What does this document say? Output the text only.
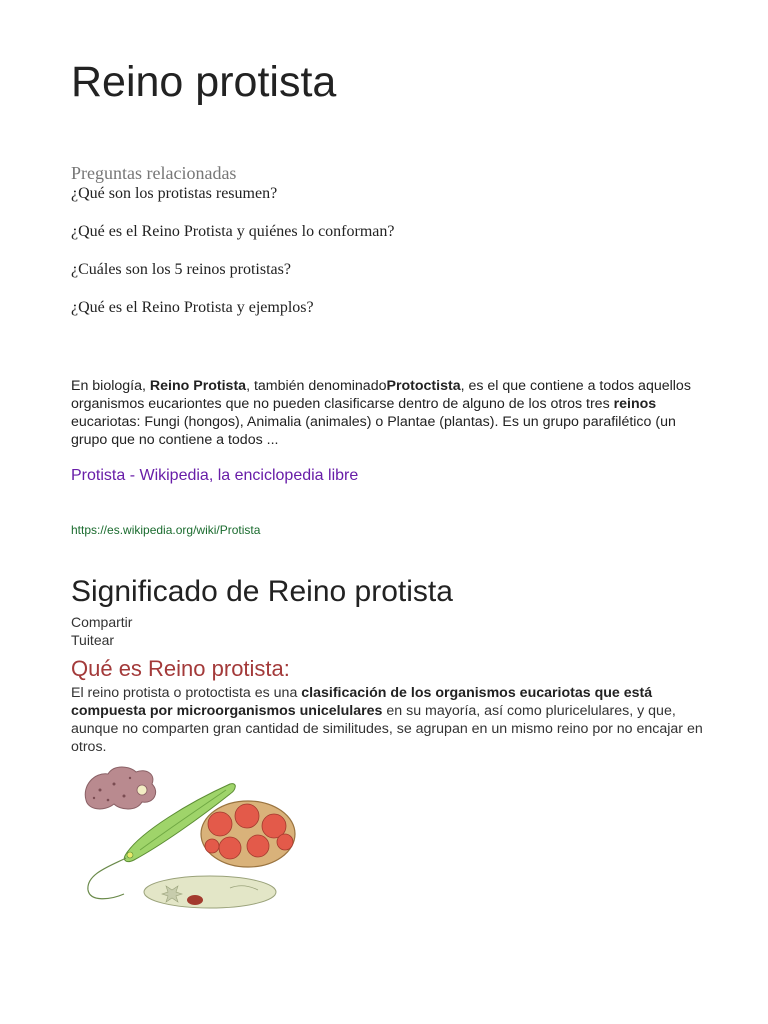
Reino protista
Preguntas relacionadas
¿Qué son los protistas resumen?
¿Qué es el Reino Protista y quiénes lo conforman?
¿Cuáles son los 5 reinos protistas?
¿Qué es el Reino Protista y ejemplos?

En biología, Reino Protista, también denominadoProtoctista, es el que contiene a todos aquellos organismos eucariontes que no pueden clasificarse dentro de alguno de los otros tres reinos eucariotas: Fungi (hongos), Animalia (animales) o Plantae (plantas). Es un grupo parafilético (un grupo que no contiene a todos ...

Protista - Wikipedia, la enciclopedia libre
https://es.wikipedia.org/wiki/Protista
Significado de Reino protista
Compartir
Tuitear
Qué es Reino protista:

El reino protista o protoctista es una clasificación de los organismos eucariotas que está compuesta por microorganismos unicelulares en su mayoría, así como pluricelulares, y que, aunque no comparten gran cantidad de similitudes, se agrupan en un mismo reino por no encajar en otros.
